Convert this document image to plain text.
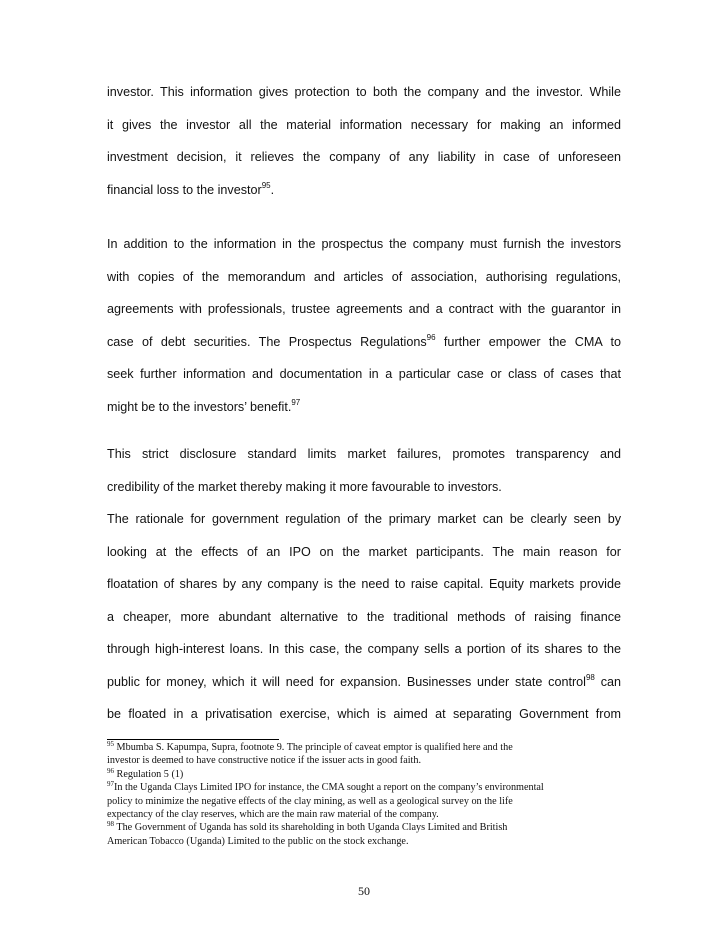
investor. This information gives protection to both the company and the investor. While
it gives the investor all the material information necessary for making an informed
investment decision, it relieves the company of any liability in case of unforeseen
financial loss to the investor$^{95}$.
In addition to the information in the prospectus the company must furnish the investors
with copies of the memorandum and articles of association, authorising regulations,
agreements with professionals, trustee agreements and a contract with the guarantor in
case of debt securities. The Prospectus Regulations$^{96}$ further empower the CMA to
seek further information and documentation in a particular case or class of cases that
might be to the investors’ benefit.$^{97}$
This strict disclosure standard limits market failures, promotes transparency and
credibility of the market thereby making it more favourable to investors.
The rationale for government regulation of the primary market can be clearly seen by
looking at the effects of an IPO on the market participants. The main reason for
floatation of shares by any company is the need to raise capital. Equity markets provide
a cheaper, more abundant alternative to the traditional methods of raising finance
through high-interest loans. In this case, the company sells a portion of its shares to the
public for money, which it will need for expansion. Businesses under state control$^{98}$ can
be floated in a privatisation exercise, which is aimed at separating Government from
$^{95}$ Mbumba S. Kapumpa, Supra, footnote 9. The principle of caveat emptor is qualified here and the
investor is deemed to have constructive notice if the issuer acts in good faith.
$^{96}$ Regulation 5 (1)
$^{97}$In the Uganda Clays Limited IPO for instance, the CMA sought a report on the company’s environmental
policy to minimize the negative effects of the clay mining, as well as a geological survey on the life
expectancy of the clay reserves, which are the main raw material of the company.
$^{98}$ The Government of Uganda has sold its shareholding in both Uganda Clays Limited and British
American Tobacco (Uganda) Limited to the public on the stock exchange.
50
